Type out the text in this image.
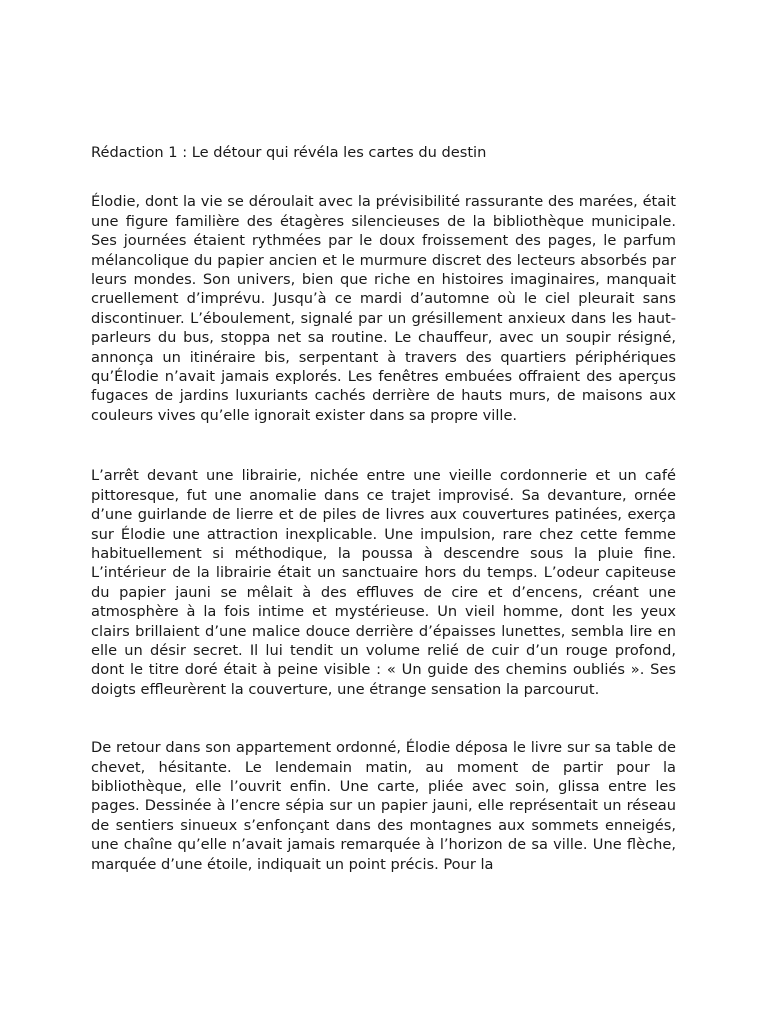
Rédaction 1 : Le détour qui révéla les cartes du destin

Élodie, dont la vie se déroulait avec la prévisibilité rassurante des marées, était une figure familière des étagères silencieuses de la bibliothèque municipale. Ses journées étaient rythmées par le doux froissement des pages, le parfum mélancolique du papier ancien et le murmure discret des lecteurs absorbés par leurs mondes. Son univers, bien que riche en histoires imaginaires, manquait cruellement d’imprévu. Jusqu’à ce mardi d’automne où le ciel pleurait sans discontinuer. L’éboulement, signalé par un grésillement anxieux dans les haut-parleurs du bus, stoppa net sa routine. Le chauffeur, avec un soupir résigné, annonça un itinéraire bis, serpentant à travers des quartiers périphériques qu’Élodie n’avait jamais explorés. Les fenêtres embuées offraient des aperçus fugaces de jardins luxuriants cachés derrière de hauts murs, de maisons aux couleurs vives qu’elle ignorait exister dans sa propre ville.

L’arrêt devant une librairie, nichée entre une vieille cordonnerie et un café pittoresque, fut une anomalie dans ce trajet improvisé. Sa devanture, ornée d’une guirlande de lierre et de piles de livres aux couvertures patinées, exerça sur Élodie une attraction inexplicable. Une impulsion, rare chez cette femme habituellement si méthodique, la poussa à descendre sous la pluie fine. L’intérieur de la librairie était un sanctuaire hors du temps. L’odeur capiteuse du papier jauni se mêlait à des effluves de cire et d’encens, créant une atmosphère à la fois intime et mystérieuse. Un vieil homme, dont les yeux clairs brillaient d’une malice douce derrière d’épaisses lunettes, sembla lire en elle un désir secret. Il lui tendit un volume relié de cuir d’un rouge profond, dont le titre doré était à peine visible : « Un guide des chemins oubliés ». Ses doigts effleurèrent la couverture, une étrange sensation la parcourut.

De retour dans son appartement ordonné, Élodie déposa le livre sur sa table de chevet, hésitante. Le lendemain matin, au moment de partir pour la bibliothèque, elle l’ouvrit enfin. Une carte, pliée avec soin, glissa entre les pages. Dessinée à l’encre sépia sur un papier jauni, elle représentait un réseau de sentiers sinueux s’enfonçant dans des montagnes aux sommets enneigés, une chaîne qu’elle n’avait jamais remarquée à l’horizon de sa ville. Une flèche, marquée d’une étoile, indiquait un point précis. Pour la
